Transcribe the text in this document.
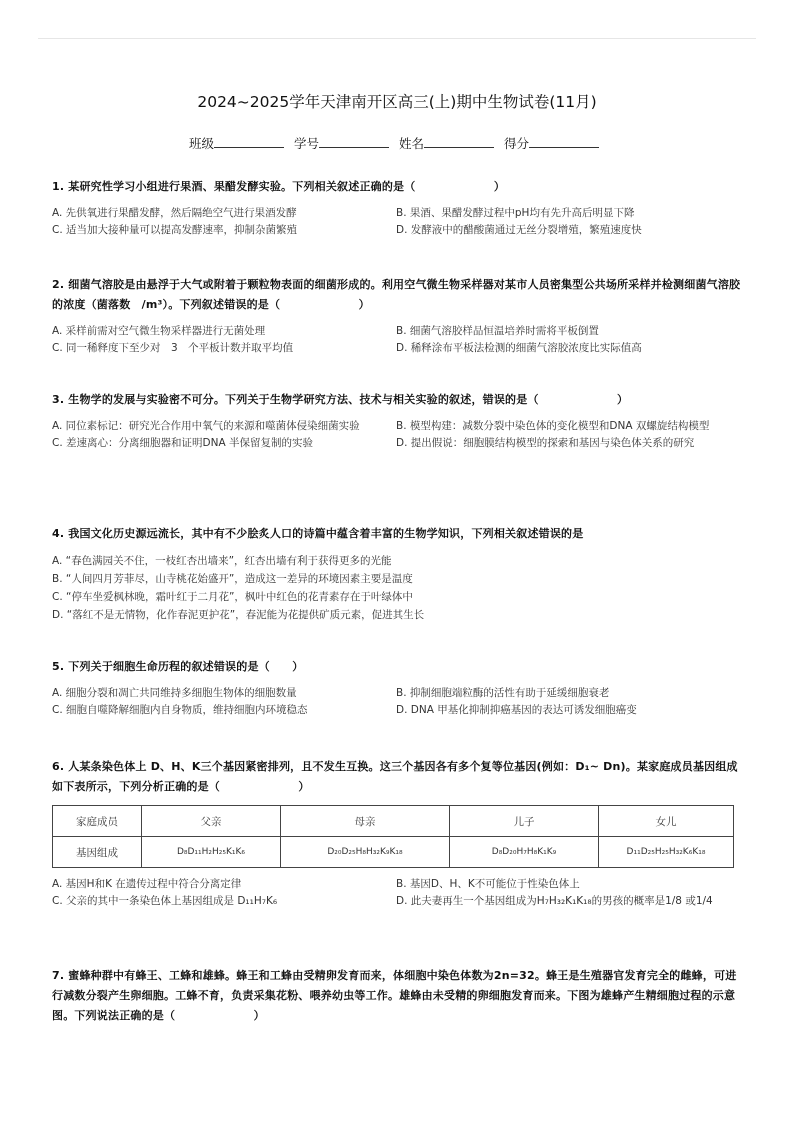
2024~2025学年天津南开区高三(上)期中生物试卷(11月)
班级	学号	姓名	得分
1. 某研究性学习小组进行果酒、果醋发酵实验。下列相关叙述正确的是（　　　　　　　）
A. 先供氧进行果醋发酵，然后隔绝空气进行果酒发酵	B. 果酒、果醋发酵过程中pH均有先升高后明显下降
C. 适当加大接种量可以提高发酵速率，抑制杂菌繁殖	D. 发酵液中的醋酸菌通过无丝分裂增殖，繁殖速度快
2. 细菌气溶胶是由悬浮于大气或附着于颗粒物表面的细菌形成的。利用空气微生物采样器对某市人员密集型公共场所采样并检测细菌气溶胶的浓度（菌落数　/m³）。下列叙述错误的是（　　　　　　　）
A. 采样前需对空气微生物采样器进行无菌处理	B. 细菌气溶胶样品恒温培养时需将平板倒置
C. 同一稀释度下至少对　3　个平板计数并取平均值	D. 稀释涂布平板法检测的细菌气溶胶浓度比实际值高
3. 生物学的发展与实验密不可分。下列关于生物学研究方法、技术与相关实验的叙述，错误的是（　　　　　　　）
A. 同位素标记：研究光合作用中氧气的来源和噬菌体侵染细菌实验	B. 模型构建：减数分裂中染色体的变化模型和DNA 双螺旋结构模型
C. 差速离心：分离细胞器和证明DNA 半保留复制的实验	D. 提出假说：细胞膜结构模型的探索和基因与染色体关系的研究
4. 我国文化历史源远流长，其中有不少脍炙人口的诗篇中蕴含着丰富的生物学知识，下列相关叙述错误的是
A. “春色满园关不住，一枝红杏出墙来”，红杏出墙有利于获得更多的光能
B. “人间四月芳菲尽，山寺桃花始盛开”，造成这一差异的环境因素主要是温度
C. “停车坐爱枫林晚，霜叶红于二月花”，枫叶中红色的花青素存在于叶绿体中
D. “落红不是无情物，化作春泥更护花”，春泥能为花提供矿质元素，促进其生长
5. 下列关于细胞生命历程的叙述错误的是（　　）
A. 细胞分裂和凋亡共同维持多细胞生物体的细胞数量	B. 抑制细胞端粒酶的活性有助于延缓细胞衰老
C. 细胞自噬降解细胞内自身物质，维持细胞内环境稳态	D. DNA 甲基化抑制抑癌基因的表达可诱发细胞癌变
6. 人某条染色体上 D、H、K三个基因紧密排列，且不发生互换。这三个基因各有多个复等位基因(例如：D₁~ Dn)。某家庭成员基因组成如下表所示，下列分析正确的是（　　　　　　　）
家庭成员	父亲	母亲	儿子	女儿
基因组成	D₈D₁₁H₂H₂₅K₁K₆	D₂₀D₂₅H₈H₃₂K₉K₁₈	D₈D₂₀H₇H₈K₁K₉	D₁₁D₂₅H₂₅H₃₂K₆K₁₈
A. 基因H和K 在遗传过程中符合分离定律	B. 基因D、H、K不可能位于性染色体上
C. 父亲的其中一条染色体上基因组成是 D₁₁H₇K₆	D. 此夫妻再生一个基因组成为H₇H₃₂K₁K₁₈的男孩的概率是1/8 或1/4
7. 蜜蜂种群中有蜂王、工蜂和雄蜂。蜂王和工蜂由受精卵发育而来，体细胞中染色体数为2n=32。蜂王是生殖器官发育完全的雌蜂，可进行减数分裂产生卵细胞。工蜂不育，负责采集花粉、喂养幼虫等工作。雄蜂由未受精的卵细胞发育而来。下图为雄蜂产生精细胞过程的示意图。下列说法正确的是（　　　　　　　）
